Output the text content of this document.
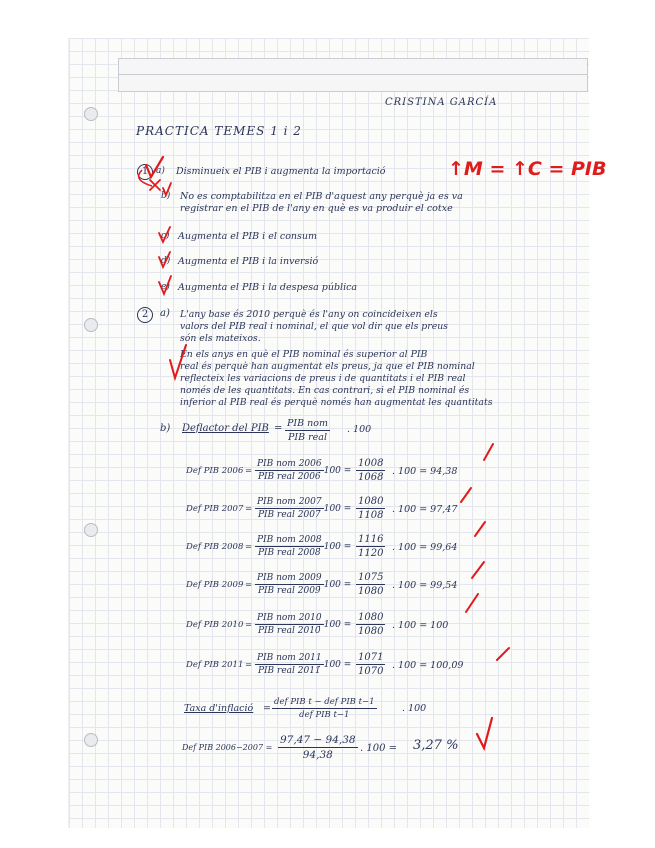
CRISTINA GARCÍA
PRACTICA TEMES 1 i 2
1 a) Disminueix el PIB i augmenta la importació	↑M = ↑C = PIB
b) No es comptabilitza en el PIB d'aquest any perquè ja es va
registrar en el PIB de l'any en què es va produir el cotxe
c) Augmenta el PIB i el consum
d) Augmenta el PIB i la inversió
e) Augmenta el PIB i la despesa pública
2	a) L'any base és 2010 perquè és l'any on coincideixen els
valors del PIB real i nominal, el que vol dir que els preus
són els mateixos.
En els anys en què el PIB nominal és superior al PIB
real és perquè han augmentat els preus, ja que el PIB nominal
reflecteix les variacions de preus i de quantitats i el PIB real
només de les quantitats. En cas contrari, si el PIB nominal és
inferior al PIB real és perquè només han augmentat les quantitats
b) Deflactor del PIB = PIB nom
PIB real
. 100
Def PIB 2006 =
PIB nom 2006
PIB real 2006
. $100 = \frac{1008}{1068}$ . 100 = 94,38
Def PIB 2007 =
PIB nom 2007
PIB real 2007
. $100 = \frac{1080}{1108}$ . 100 = 97,47
Def PIB 2008 =
PIB nom 2008
PIB real 2008
. $100 = \frac{1116}{1120}$ . 100 = 99,64
Def PIB 2009 =
PIB nom 2009
PIB real 2009
. $100 = \frac{1075}{1080}$ . 100 = 99,54
Def PIB 2010 =
PIB nom 2010
PIB real 2010
. $100 = \frac{1080}{1080}$ . 100 = 100
Def PIB 2011 =
PIB nom 2011
PIB real 2011
. $100 = \frac{1071}{1070}$ . 100 = 100,09
Taxa d'inflació =
def PIB t − def PIB t−1
def PIB t−1
. 100
Def PIB $2006-2007 = \frac{97,47 - 94,38}{94,38}$ . 100 = 3,27 %
